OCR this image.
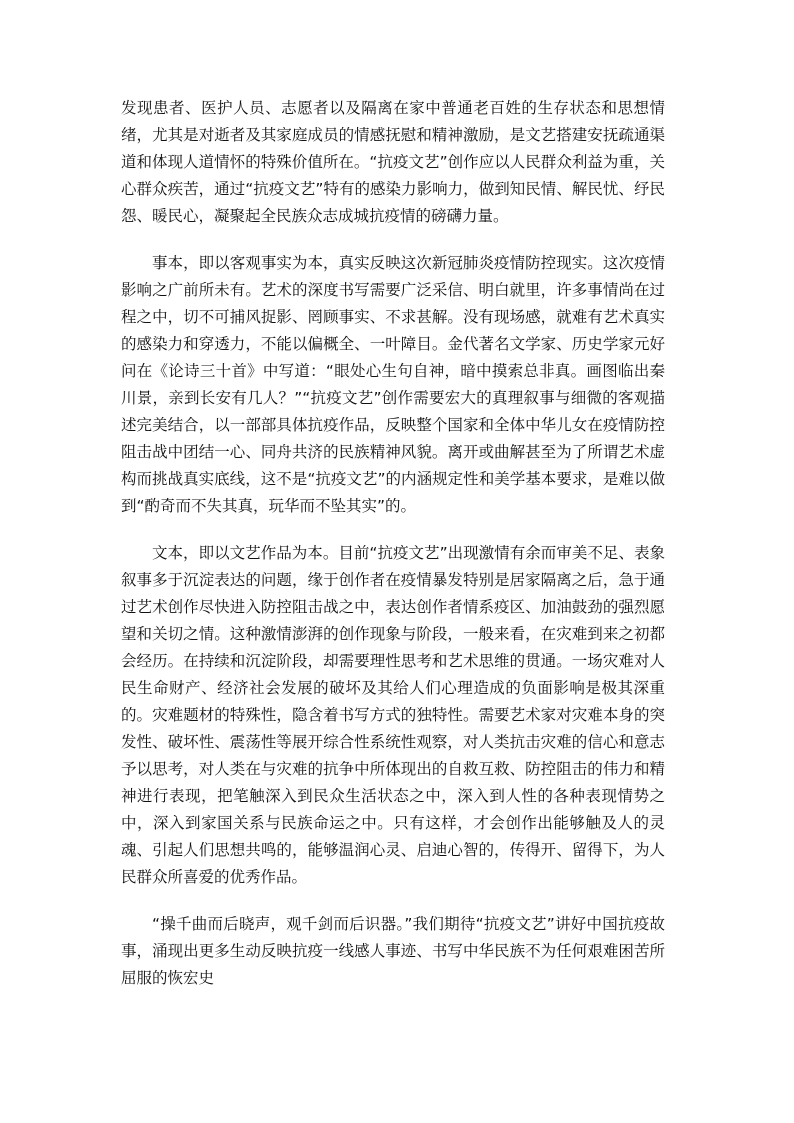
发现患者、医护人员、志愿者以及隔离在家中普通老百姓的生存状态和思想情绪，尤其是对逝者及其家庭成员的情感抚慰和精神激励，是文艺搭建安抚疏通渠道和体现人道情怀的特殊价值所在。“抗疫文艺”创作应以人民群众利益为重，关心群众疾苦，通过“抗疫文艺”特有的感染力影响力，做到知民情、解民忧、纾民怨、暖民心，凝聚起全民族众志成城抗疫情的磅礴力量。

事本，即以客观事实为本，真实反映这次新冠肺炎疫情防控现实。这次疫情影响之广前所未有。艺术的深度书写需要广泛采信、明白就里，许多事情尚在过程之中，切不可捕风捉影、罔顾事实、不求甚解。没有现场感，就难有艺术真实的感染力和穿透力，不能以偏概全、一叶障目。金代著名文学家、历史学家元好问在《论诗三十首》中写道：“眼处心生句自神，暗中摸索总非真。画图临出秦川景，亲到长安有几人？”“抗疫文艺”创作需要宏大的真理叙事与细微的客观描述完美结合，以一部部具体抗疫作品，反映整个国家和全体中华儿女在疫情防控阻击战中团结一心、同舟共济的民族精神风貌。离开或曲解甚至为了所谓艺术虚构而挑战真实底线，这不是“抗疫文艺”的内涵规定性和美学基本要求，是难以做到“酌奇而不失其真，玩华而不坠其实”的。

文本，即以文艺作品为本。目前“抗疫文艺”出现激情有余而审美不足、表象叙事多于沉淀表达的问题，缘于创作者在疫情暴发特别是居家隔离之后，急于通过艺术创作尽快进入防控阻击战之中，表达创作者情系疫区、加油鼓劲的强烈愿望和关切之情。这种激情澎湃的创作现象与阶段，一般来看，在灾难到来之初都会经历。在持续和沉淀阶段，却需要理性思考和艺术思维的贯通。一场灾难对人民生命财产、经济社会发展的破坏及其给人们心理造成的负面影响是极其深重的。灾难题材的特殊性，隐含着书写方式的独特性。需要艺术家对灾难本身的突发性、破坏性、震荡性等展开综合性系统性观察，对人类抗击灾难的信心和意志予以思考，对人类在与灾难的抗争中所体现出的自救互救、防控阻击的伟力和精神进行表现，把笔触深入到民众生活状态之中，深入到人性的各种表现情势之中，深入到家国关系与民族命运之中。只有这样，才会创作出能够触及人的灵魂、引起人们思想共鸣的，能够温润心灵、启迪心智的，传得开、留得下，为人民群众所喜爱的优秀作品。

“操千曲而后晓声，观千剑而后识器。”我们期待“抗疫文艺”讲好中国抗疫故事，涌现出更多生动反映抗疫一线感人事迹、书写中华民族不为任何艰难困苦所屈服的恢宏史
